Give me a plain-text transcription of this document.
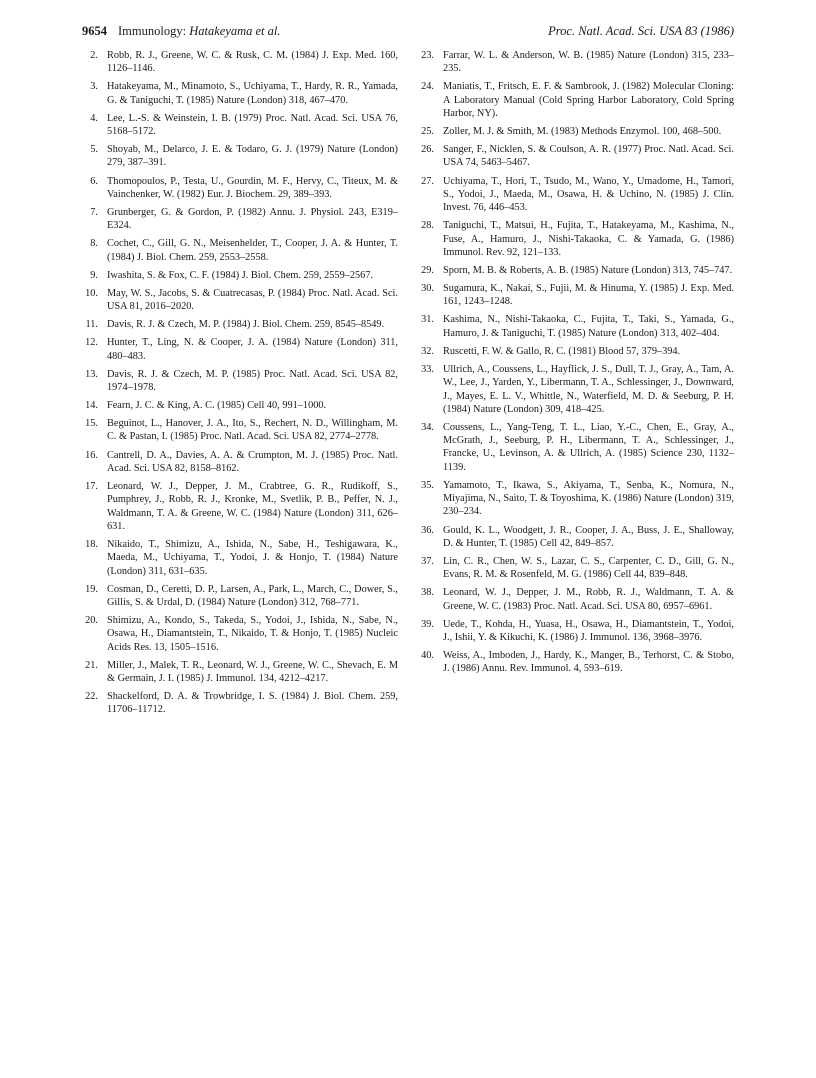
9654 Immunology: Hatakeyama et al.	Proc. Natl. Acad. Sci. USA 83 (1986)
2. Robb, R. J., Greene, W. C. & Rusk, C. M. (1984) J. Exp. Med. 160, 1126–1146.
3. Hatakeyama, M., Minamoto, S., Uchiyama, T., Hardy, R. R., Yamada, G. & Taniguchi, T. (1985) Nature (London) 318, 467–470.
4. Lee, L.-S. & Weinstein, I. B. (1979) Proc. Natl. Acad. Sci. USA 76, 5168–5172.
5. Shoyab, M., Delarco, J. E. & Todaro, G. J. (1979) Nature (London) 279, 387–391.
6. Thomopoulos, P., Testa, U., Gourdin, M. F., Hervy, C., Titeux, M. & Vainchenker, W. (1982) Eur. J. Biochem. 29, 389–393.
7. Grunberger, G. & Gordon, P. (1982) Annu. J. Physiol. 243, E319–E324.
8. Cochet, C., Gill, G. N., Meisenhelder, T., Cooper, J. A. & Hunter, T. (1984) J. Biol. Chem. 259, 2553–2558.
9. Iwashita, S. & Fox, C. F. (1984) J. Biol. Chem. 259, 2559–2567.
10. May, W. S., Jacobs, S. & Cuatrecasas, P. (1984) Proc. Natl. Acad. Sci. USA 81, 2016–2020.
11. Davis, R. J. & Czech, M. P. (1984) J. Biol. Chem. 259, 8545–8549.
12. Hunter, T., Ling, N. & Cooper, J. A. (1984) Nature (London) 311, 480–483.
13. Davis, R. J. & Czech, M. P. (1985) Proc. Natl. Acad. Sci. USA 82, 1974–1978.
14. Fearn, J. C. & King, A. C. (1985) Cell 40, 991–1000.
15. Beguinot, L., Hanover, J. A., Ito, S., Rechert, N. D., Willingham, M. C. & Pastan, I. (1985) Proc. Natl. Acad. Sci. USA 82, 2774–2778.
16. Cantrell, D. A., Davies, A. A. & Crumpton, M. J. (1985) Proc. Natl. Acad. Sci. USA 82, 8158–8162.
17. Leonard, W. J., Depper, J. M., Crabtree, G. R., Rudikoff, S., Pumphrey, J., Robb, R. J., Kronke, M., Svetlik, P. B., Peffer, N. J., Waldmann, T. A. & Greene, W. C. (1984) Nature (London) 311, 626–631.
18. Nikaido, T., Shimizu, A., Ishida, N., Sabe, H., Teshigawara, K., Maeda, M., Uchiyama, T., Yodoi, J. & Honjo, T. (1984) Nature (London) 311, 631–635.
19. Cosman, D., Ceretti, D. P., Larsen, A., Park, L., March, C., Dower, S., Gillis, S. & Urdal, D. (1984) Nature (London) 312, 768–771.
20. Shimizu, A., Kondo, S., Takeda, S., Yodoi, J., Ishida, N., Sabe, N., Osawa, H., Diamantstein, T., Nikaido, T. & Honjo, T. (1985) Nucleic Acids Res. 13, 1505–1516.
21. Miller, J., Malek, T. R., Leonard, W. J., Greene, W. C., Shevach, E. M & Germain, J. I. (1985) J. Immunol. 134, 4212–4217.
22. Shackelford, D. A. & Trowbridge, I. S. (1984) J. Biol. Chem. 259, 11706–11712.
23. Farrar, W. L. & Anderson, W. B. (1985) Nature (London) 315, 233–235.
24. Maniatis, T., Fritsch, E. F. & Sambrook, J. (1982) Molecular Cloning: A Laboratory Manual (Cold Spring Harbor Laboratory, Cold Spring Harbor, NY).
25. Zoller, M. J. & Smith, M. (1983) Methods Enzymol. 100, 468–500.
26. Sanger, F., Nicklen, S. & Coulson, A. R. (1977) Proc. Natl. Acad. Sci. USA 74, 5463–5467.
27. Uchiyama, T., Hori, T., Tsudo, M., Wano, Y., Umadome, H., Tamori, S., Yodoi, J., Maeda, M., Osawa, H. & Uchino, N. (1985) J. Clin. Invest. 76, 446–453.
28. Taniguchi, T., Matsui, H., Fujita, T., Hatakeyama, M., Kashima, N., Fuse, A., Hamuro, J., Nishi-Takaoka, C. & Yamada, G. (1986) Immunol. Rev. 92, 121–133.
29. Sporn, M. B. & Roberts, A. B. (1985) Nature (London) 313, 745–747.
30. Sugamura, K., Nakai, S., Fujii, M. & Hinuma, Y. (1985) J. Exp. Med. 161, 1243–1248.
31. Kashima, N., Nishi-Takaoka, C., Fujita, T., Taki, S., Yamada, G., Hamuro, J. & Taniguchi, T. (1985) Nature (London) 313, 402–404.
32. Ruscetti, F. W. & Gallo, R. C. (1981) Blood 57, 379–394.
33. Ullrich, A., Coussens, L., Hayflick, J. S., Dull, T. J., Gray, A., Tam, A. W., Lee, J., Yarden, Y., Libermann, T. A., Schlessinger, J., Downward, J., Mayes, E. L. V., Whittle, N., Waterfield, M. D. & Seeburg, P. H. (1984) Nature (London) 309, 418–425.
34. Coussens, L., Yang-Teng, T. L., Liao, Y.-C., Chen, E., Gray, A., McGrath, J., Seeburg, P. H., Libermann, T. A., Schlessinger, J., Francke, U., Levinson, A. & Ullrich, A. (1985) Science 230, 1132–1139.
35. Yamamoto, T., Ikawa, S., Akiyama, T., Senba, K., Nomura, N., Miyajima, N., Saito, T. & Toyoshima, K. (1986) Nature (London) 319, 230–234.
36. Gould, K. L., Woodgett, J. R., Cooper, J. A., Buss, J. E., Shalloway, D. & Hunter, T. (1985) Cell 42, 849–857.
37. Lin, C. R., Chen, W. S., Lazar, C. S., Carpenter, C. D., Gill, G. N., Evans, R. M. & Rosenfeld, M. G. (1986) Cell 44, 839–848.
38. Leonard, W. J., Depper, J. M., Robb, R. J., Waldmann, T. A. & Greene, W. C. (1983) Proc. Natl. Acad. Sci. USA 80, 6957–6961.
39. Uede, T., Kohda, H., Yuasa, H., Osawa, H., Diamantstein, T., Yodoi, J., Ishii, Y. & Kikuchi, K. (1986) J. Immunol. 136, 3968–3976.
40. Weiss, A., Imboden, J., Hardy, K., Manger, B., Terhorst, C. & Stobo, J. (1986) Annu. Rev. Immunol. 4, 593–619.
